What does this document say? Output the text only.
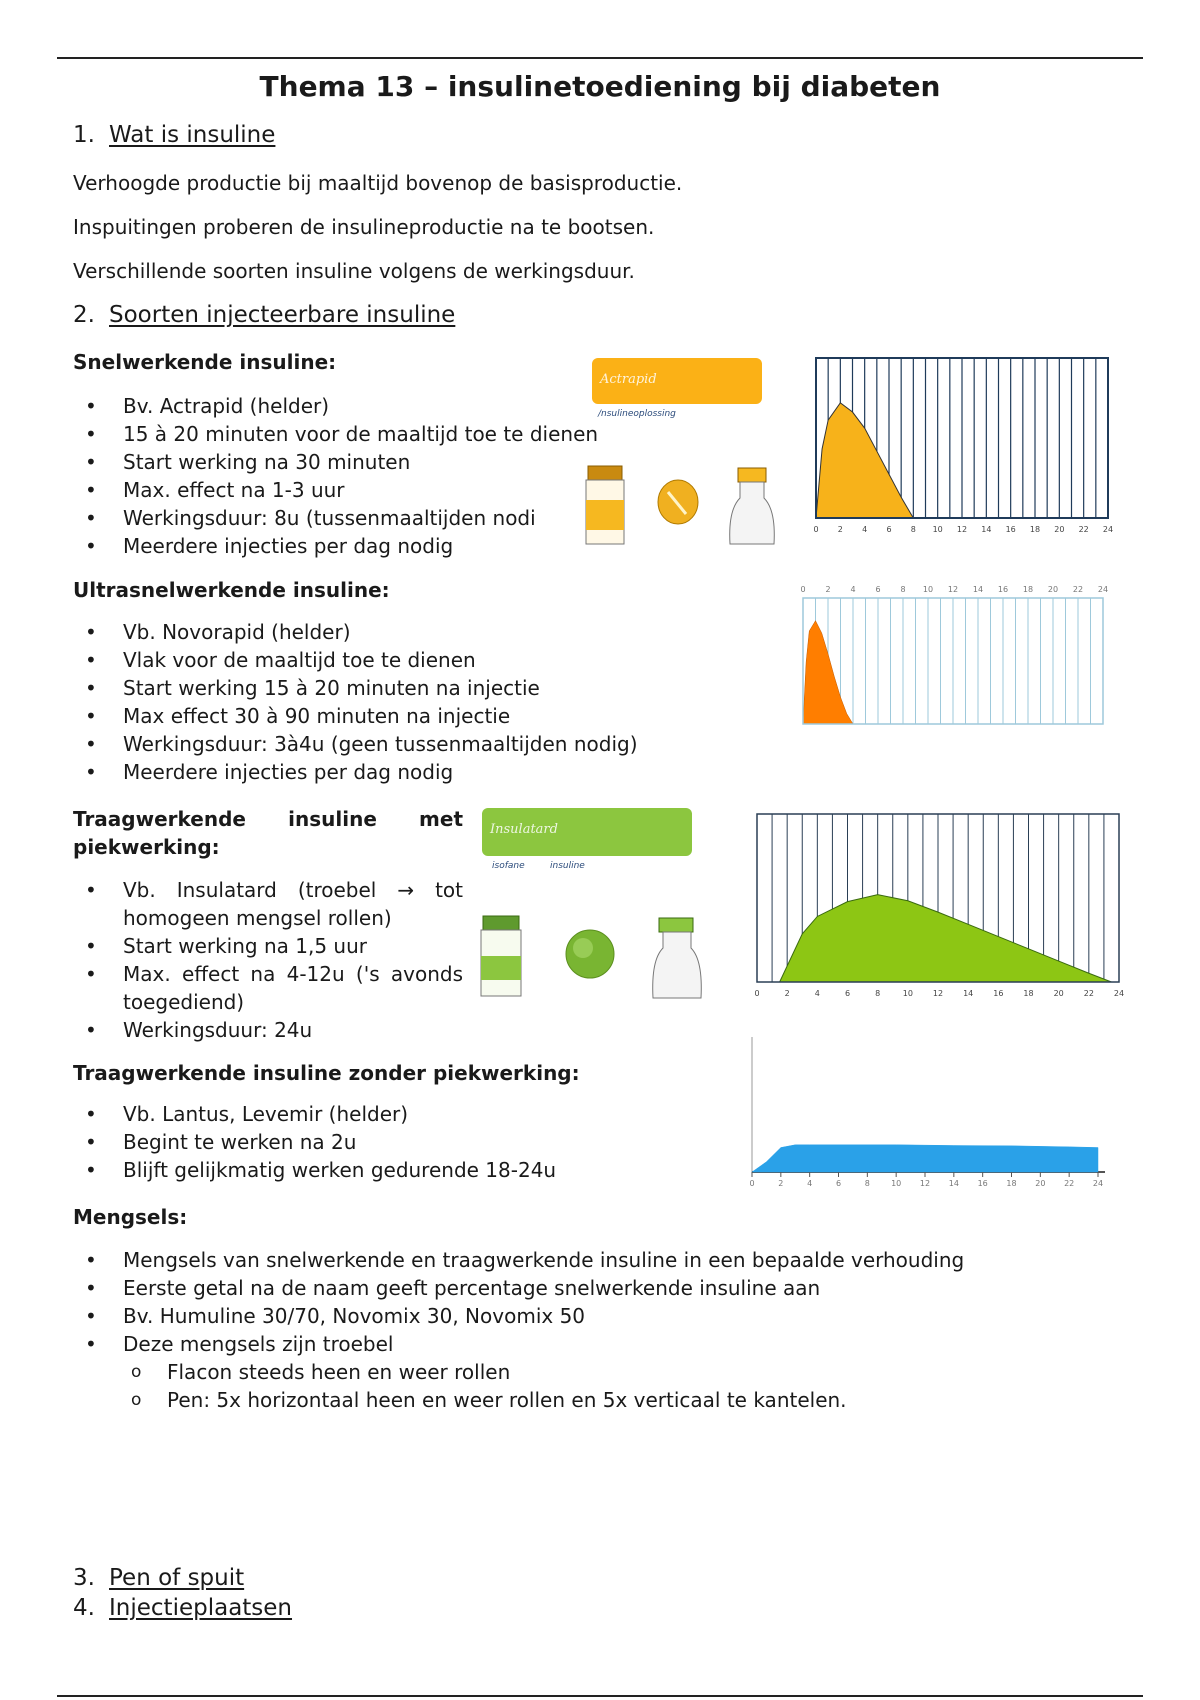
Thema 13 – insulinetoediening bij diabeten
1. Wat is insuline

Verhoogde productie bij maaltijd bovenop de basisproductie.

Inspuitingen proberen de insulineproductie na te bootsen.

Verschillende soorten insuline volgens de werkingsduur.

2. Soorten injecteerbare insuline

Snelwerkende insuline:

• Bv. Actrapid (helder)
• 15 à 20 minuten voor de maaltijd toe te dienen
• Start werking na 30 minuten
• Max. effect na 1-3 uur
• Werkingsduur: 8u (tussenmaaltijden nodi
• Meerdere injecties per dag nodig
Actrapid
/nsulineoplossing
0 2 4 6 8 10 12 14 16 18 20 22 24

Ultrasnelwerkende insuline:

• Vb. Novorapid (helder)
• Vlak voor de maaltijd toe te dienen
• Start werking 15 à 20 minuten na injectie
• Max effect 30 à 90 minuten na injectie
• Werkingsduur: 3à4u (geen tussenmaaltijden nodig)
• Meerdere injecties per dag nodig
0 2 4 6 8 10 12 14 16 18 20 22 24

Traagwerkende insuline met
piekwerking:

• Vb. Insulatard (troebel → tot homogeen mengsel rollen)
• Start werking na 1,5 uur
• Max. effect na 4-12u ('s avonds toegediend)
• Werkingsduur: 24u
Insulatard
isofane	insuline
0	2	4	6	8	10 12 14 16 18 20 22 24

Traagwerkende insuline zonder piekwerking:

• Vb. Lantus, Levemir (helder)
• Begint te werken na 2u
• Blijft gelijkmatig werken gedurende 18-24u
0	2	4	6	8	10 12 14 16 18 20 22 24

Mengsels:

• Mengsels van snelwerkende en traagwerkende insuline in een bepaalde verhouding
• Eerste getal na de naam geeft percentage snelwerkende insuline aan
• Bv. Humuline 30/70, Novomix 30, Novomix 50
• Deze mengsels zijn troebel
o Flacon steeds heen en weer rollen
o Pen: 5x horizontaal heen en weer rollen en 5x verticaal te kantelen.
3. Pen of spuit
4. Injectieplaatsen
